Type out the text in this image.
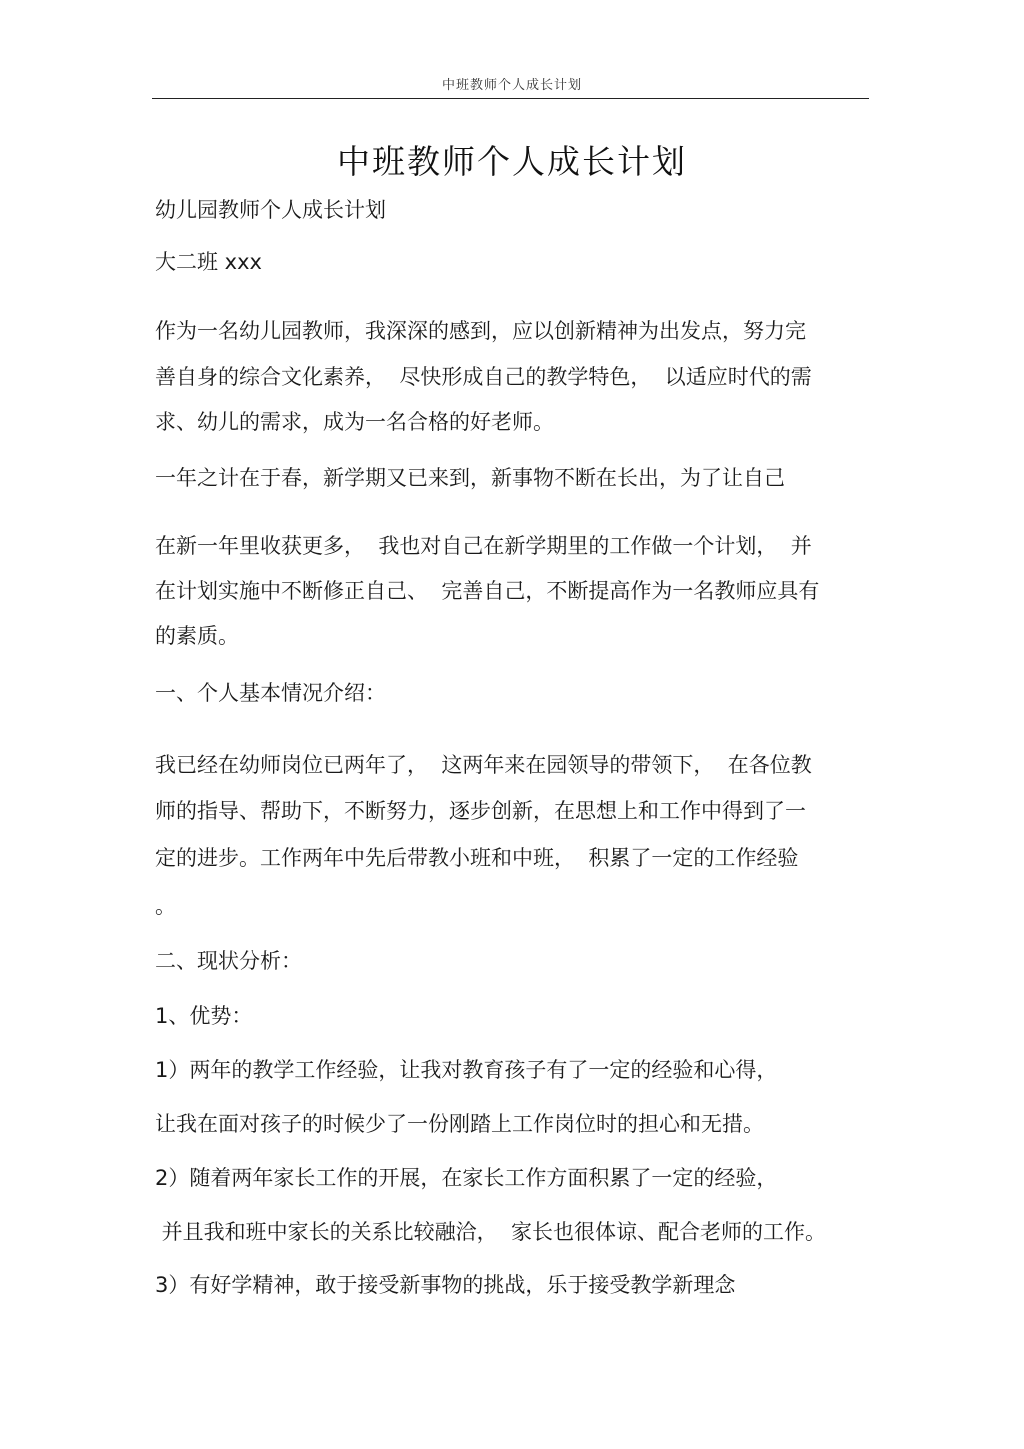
中班教师个人成长计划
中班教师个人成长计划
幼儿园教师个人成长计划
大二班 xxx
作为一名幼儿园教师，我深深的感到，应以创新精神为出发点，努力完
善自身的综合文化素养，  尽快形成自己的教学特色，  以适应时代的需
求、幼儿的需求，成为一名合格的好老师。
一年之计在于春，新学期又已来到，新事物不断在长出，为了让自己
在新一年里收获更多，  我也对自己在新学期里的工作做一个计划，  并
在计划实施中不断修正自己、  完善自己，不断提高作为一名教师应具有
的素质。
一、个人基本情况介绍：
我已经在幼师岗位已两年了，  这两年来在园领导的带领下，  在各位教
师的指导、帮助下，不断努力，逐步创新，在思想上和工作中得到了一
定的进步。工作两年中先后带教小班和中班，  积累了一定的工作经验
。
二、现状分析：
1、优势：
1）两年的教学工作经验，让我对教育孩子有了一定的经验和心得，
让我在面对孩子的时候少了一份刚踏上工作岗位时的担心和无措。
2）随着两年家长工作的开展，在家长工作方面积累了一定的经验，
并且我和班中家长的关系比较融洽，  家长也很体谅、配合老师的工作。
3）有好学精神，敢于接受新事物的挑战，乐于接受教学新理念
